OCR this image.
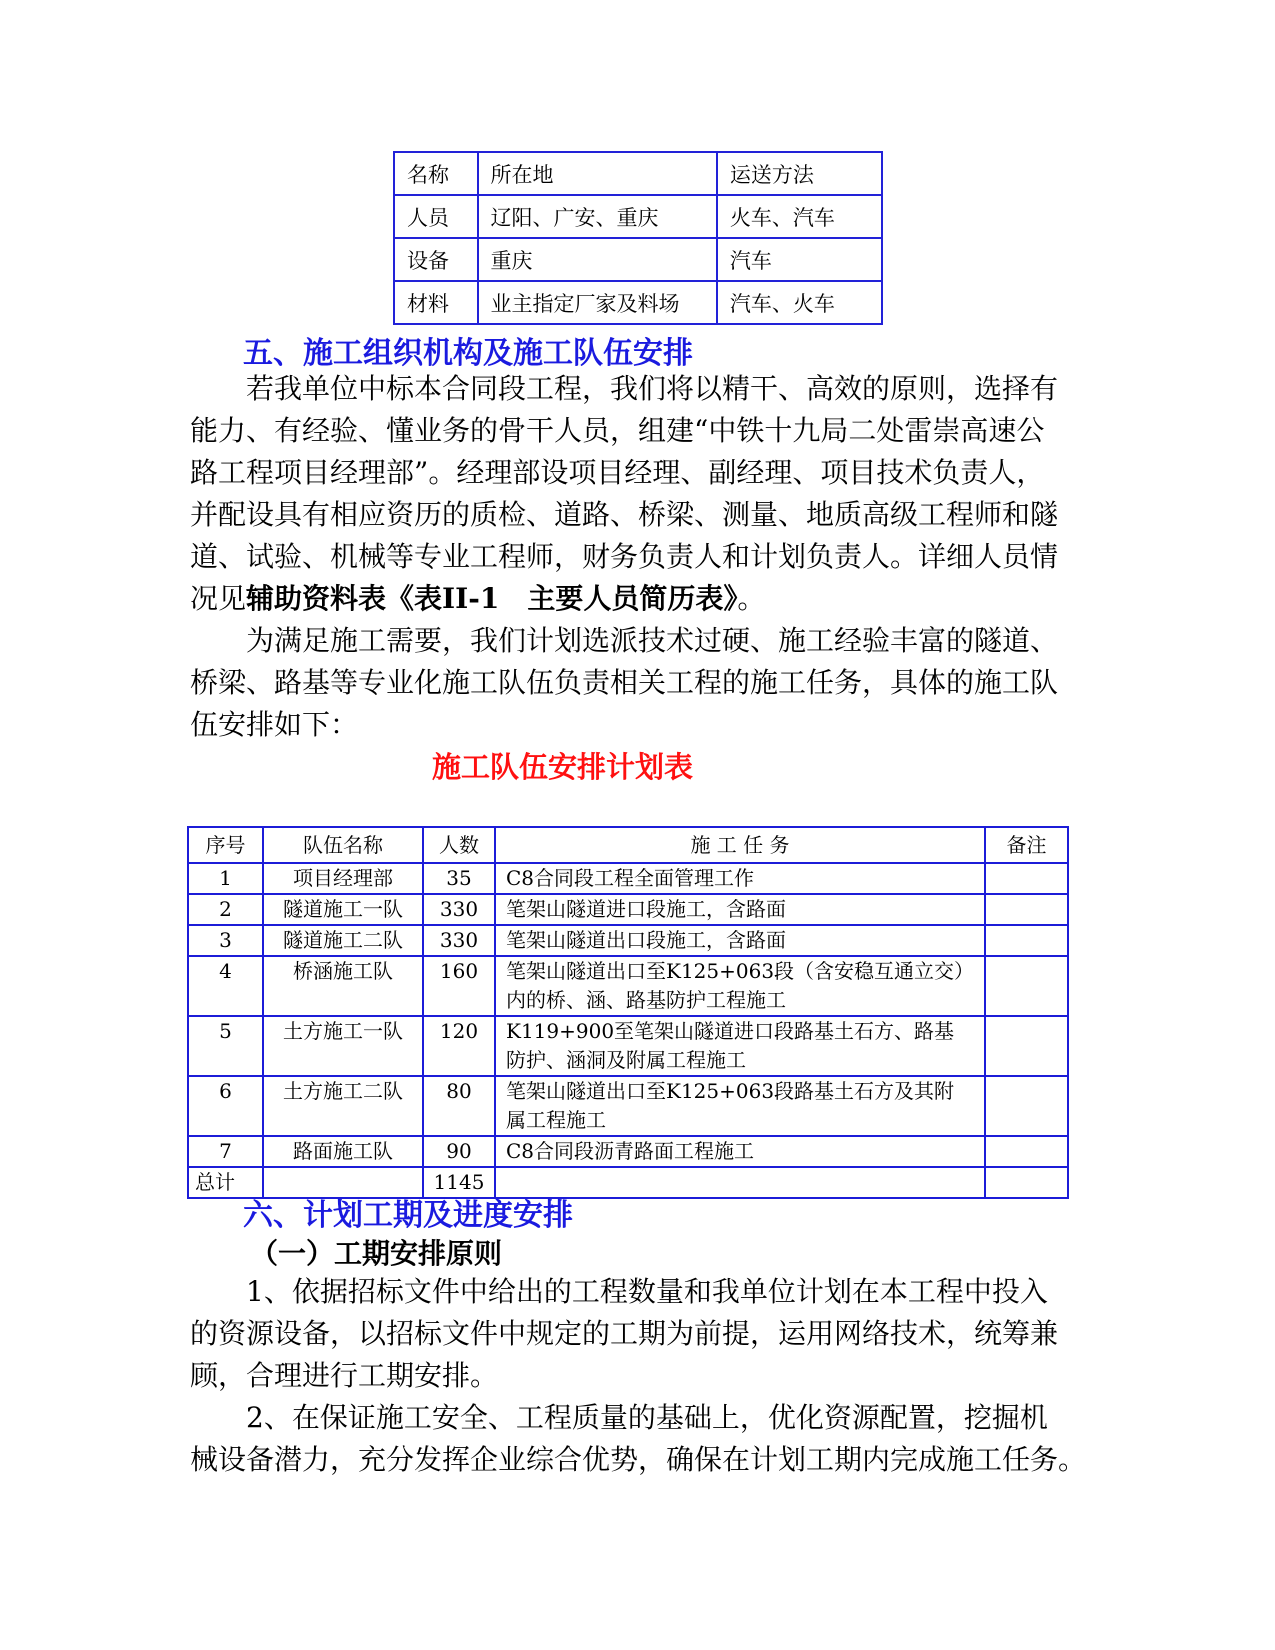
名称	所在地	运送方法
人员	辽阳、广安、重庆	火车、汽车
设备	重庆	汽车
材料	业主指定厂家及料场	汽车、火车
五、施工组织机构及施工队伍安排

　　若我单位中标本合同段工程，我们将以精干、高效的原则，选择有

能力、有经验、懂业务的骨干人员，组建“中铁十九局二处雷崇高速公

路工程项目经理部”。经理部设项目经理、副经理、项目技术负责人，

并配设具有相应资历的质检、道路、桥梁、测量、地质高级工程师和隧

道、试验、机械等专业工程师，财务负责人和计划负责人。详细人员情

况见辅助资料表《表II-1　主要人员简历表》。

　　为满足施工需要，我们计划选派技术过硬、施工经验丰富的隧道、

桥梁、路基等专业化施工队伍负责相关工程的施工任务，具体的施工队

伍安排如下：

施工队伍安排计划表
序号	队伍名称	人数	施 工 任 务	备注
1	项目经理部	35	C8合同段工程全面管理工作	

2	隧道施工一队	330	笔架山隧道进口段施工，含路面	

3	隧道施工二队	330	笔架山隧道出口段施工，含路面	

4	桥涵施工队	160	笔架山隧道出口至K125+063段（含安稳互通立交）
内的桥、涵、路基防护工程施工	

5	土方施工一队	120	K119+900至笔架山隧道进口段路基土石方、路基
防护、涵洞及附属工程施工	

6	土方施工二队	80	笔架山隧道出口至K125+063段路基土石方及其附
属工程施工	

7	路面施工队	90	C8合同段沥青路面工程施工	

总计		1145		
六、计划工期及进度安排
（一）工期安排原则

　　1、依据招标文件中给出的工程数量和我单位计划在本工程中投入

的资源设备，以招标文件中规定的工期为前提，运用网络技术，统筹兼

顾，合理进行工期安排。

　　2、在保证施工安全、工程质量的基础上，优化资源配置，挖掘机

械设备潜力，充分发挥企业综合优势，确保在计划工期内完成施工任务。
